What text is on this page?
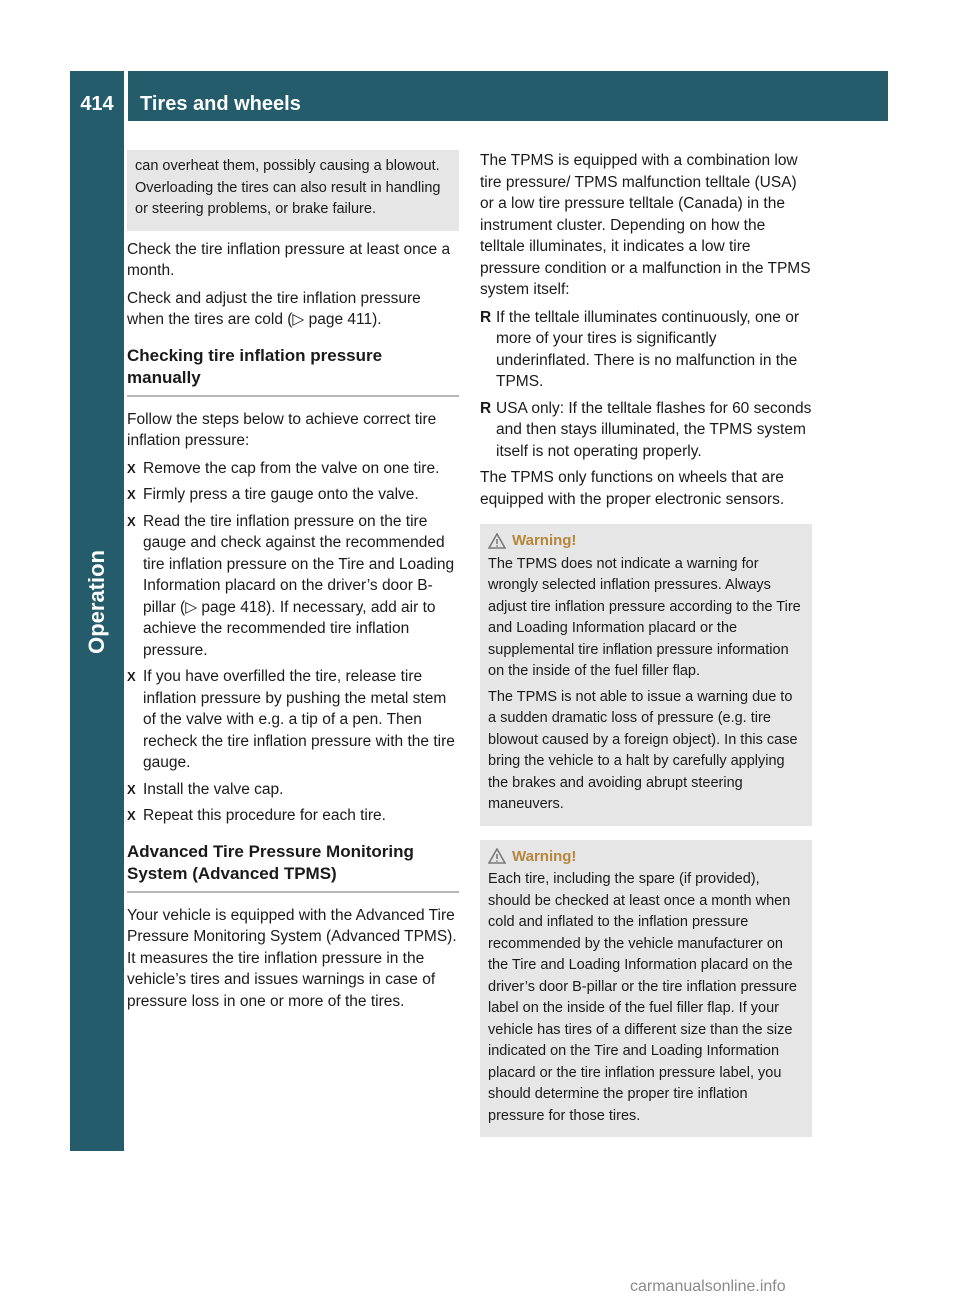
414	Tires and wheels
Operation

can overheat them, possibly causing a blowout. Overloading the tires can also result in handling or steering problems, or brake failure.

Check the tire inflation pressure at least once a month.

Check and adjust the tire inflation pressure when the tires are cold (▷ page 411).

Checking tire inflation pressure manually

Follow the steps below to achieve correct tire inflation pressure:

X Remove the cap from the valve on one tire.
X Firmly press a tire gauge onto the valve.
X Read the tire inflation pressure on the tire gauge and check against the recommended tire inflation pressure on the Tire and Loading Information placard on the driver’s door B-pillar (▷ page 418). If necessary, add air to achieve the recommended tire inflation pressure.
X If you have overfilled the tire, release tire inflation pressure by pushing the metal stem of the valve with e.g. a tip of a pen. Then recheck the tire inflation pressure with the tire gauge.
X Install the valve cap.
X Repeat this procedure for each tire.
Advanced Tire Pressure Monitoring System (Advanced TPMS)

Your vehicle is equipped with the Advanced Tire Pressure Monitoring System (Advanced TPMS). It measures the tire inflation pressure in the vehicle’s tires and issues warnings in case of pressure loss in one or more of the tires.

The TPMS is equipped with a combination low tire pressure/ TPMS malfunction telltale (USA) or a low tire pressure telltale (Canada) in the instrument cluster. Depending on how the telltale illuminates, it indicates a low tire pressure condition or a malfunction in the TPMS system itself:

R If the telltale illuminates continuously, one or more of your tires is significantly underinflated. There is no malfunction in the TPMS.
R USA only: If the telltale flashes for 60 seconds and then stays illuminated, the TPMS system itself is not operating properly.

The TPMS only functions on wheels that are equipped with the proper electronic sensors.

Warning!

The TPMS does not indicate a warning for wrongly selected inflation pressures. Always adjust tire inflation pressure according to the Tire and Loading Information placard or the supplemental tire inflation pressure information on the inside of the fuel filler flap.

The TPMS is not able to issue a warning due to a sudden dramatic loss of pressure (e.g. tire blowout caused by a foreign object). In this case bring the vehicle to a halt by carefully applying the brakes and avoiding abrupt steering maneuvers.

Warning!

Each tire, including the spare (if provided), should be checked at least once a month when cold and inflated to the inflation pressure recommended by the vehicle manufacturer on the Tire and Loading Information placard on the driver’s door B-pillar or the tire inflation pressure label on the inside of the fuel filler flap. If your vehicle has tires of a different size than the size indicated on the Tire and Loading Information placard or the tire inflation pressure label, you should determine the proper tire inflation pressure for those tires.

carmanualsonline.info
